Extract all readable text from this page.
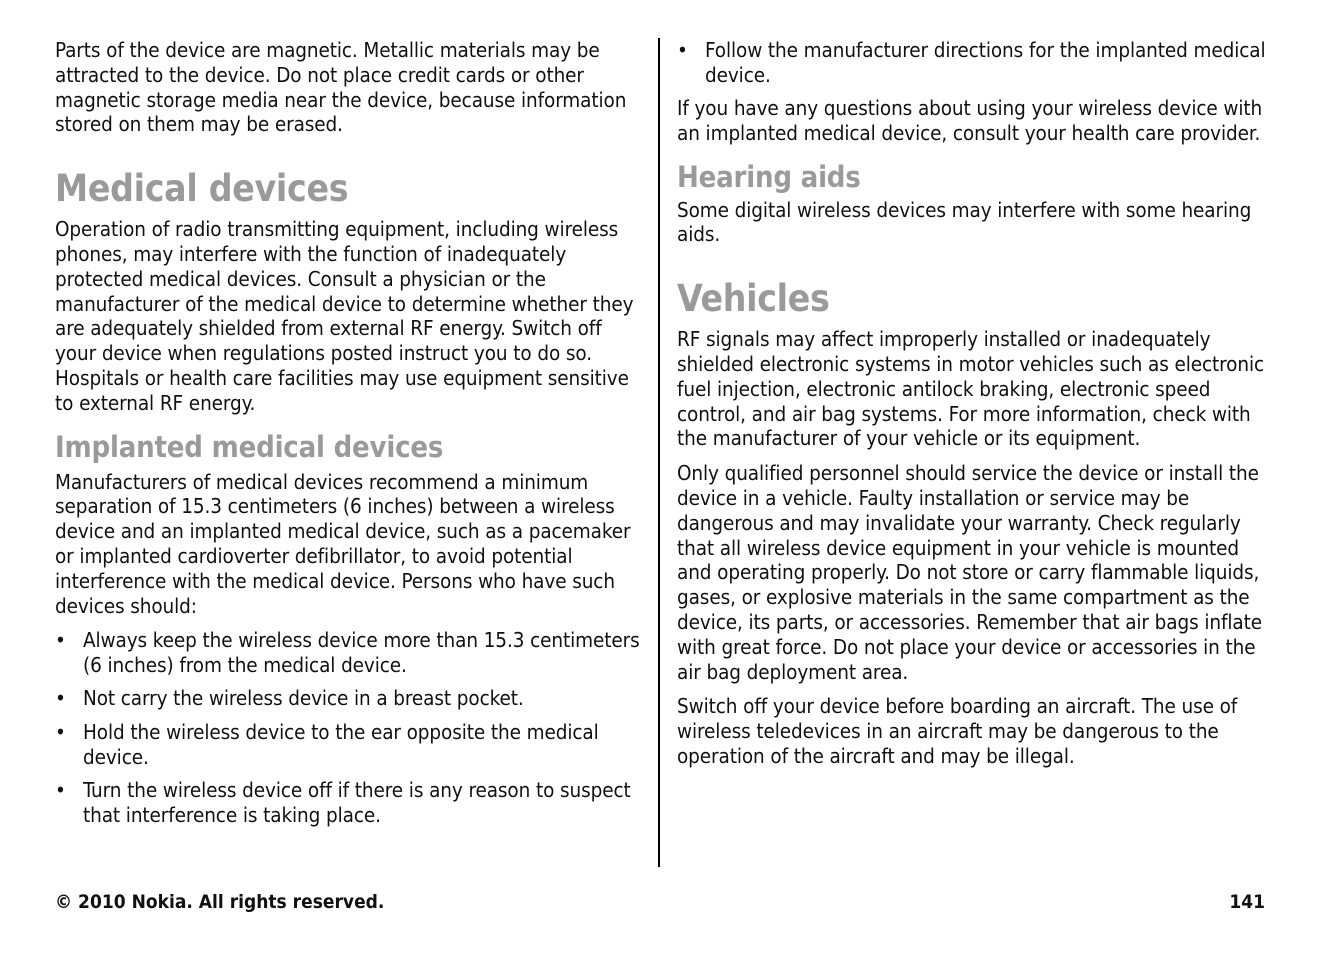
Parts of the device are magnetic. Metallic materials may be attracted to the device. Do not place credit cards or other magnetic storage media near the device, because information stored on them may be erased.

Medical devices

Operation of radio transmitting equipment, including wireless phones, may interfere with the function of inadequately protected medical devices. Consult a physician or the manufacturer of the medical device to determine whether they are adequately shielded from external RF energy. Switch off your device when regulations posted instruct you to do so. Hospitals or health care facilities may use equipment sensitive to external RF energy.

Implanted medical devices

Manufacturers of medical devices recommend a minimum separation of 15.3 centimeters (6 inches) between a wireless device and an implanted medical device, such as a pacemaker or implanted cardioverter defibrillator, to avoid potential interference with the medical device. Persons who have such devices should:

• Always keep the wireless device more than 15.3 centimeters (6 inches) from the medical device.
• Not carry the wireless device in a breast pocket.
• Hold the wireless device to the ear opposite the medical device.
• Turn the wireless device off if there is any reason to suspect that interference is taking place.
• Follow the manufacturer directions for the implanted medical device.

If you have any questions about using your wireless device with an implanted medical device, consult your health care provider.

Hearing aids

Some digital wireless devices may interfere with some hearing aids.

Vehicles

RF signals may affect improperly installed or inadequately shielded electronic systems in motor vehicles such as electronic fuel injection, electronic antilock braking, electronic speed control, and air bag systems. For more information, check with the manufacturer of your vehicle or its equipment.

Only qualified personnel should service the device or install the device in a vehicle. Faulty installation or service may be dangerous and may invalidate your warranty. Check regularly that all wireless device equipment in your vehicle is mounted and operating properly. Do not store or carry flammable liquids, gases, or explosive materials in the same compartment as the device, its parts, or accessories. Remember that air bags inflate with great force. Do not place your device or accessories in the air bag deployment area.

Switch off your device before boarding an aircraft. The use of wireless teledevices in an aircraft may be dangerous to the operation of the aircraft and may be illegal.

© 2010 Nokia. All rights reserved.	141
